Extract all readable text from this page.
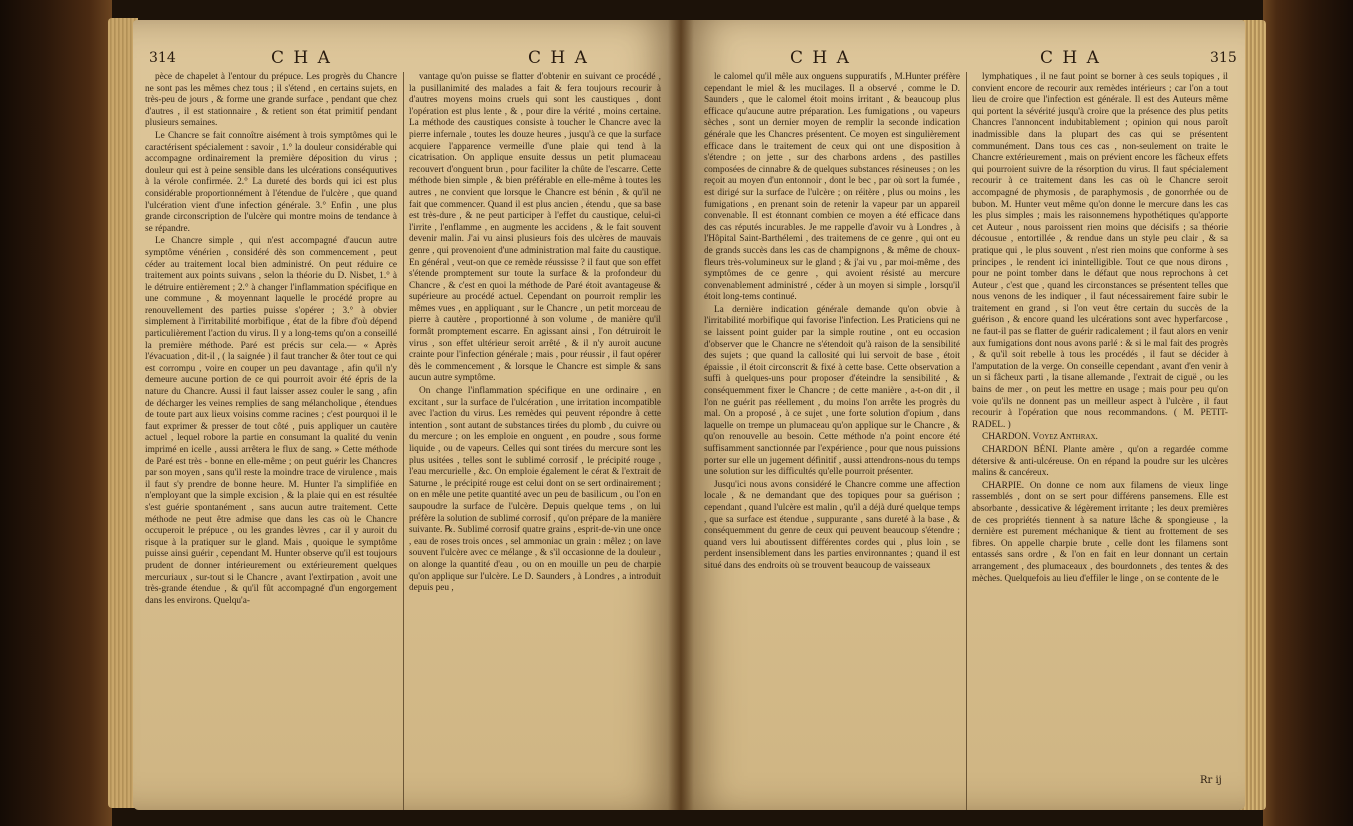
314	C H A	C H A

pèce de chapelet à l'entour du prépuce. Les progrès du Chancre ne sont pas les mêmes chez tous ; il s'étend , en certains sujets, en très-peu de jours , & forme une grande surface , pendant que chez d'autres , il est stationnaire , & retient son état primitif pendant plusieurs semaines.

Le Chancre se fait connoître aisément à trois symptômes qui le caractérisent spécialement : savoir , 1.° la douleur considérable qui accompagne ordinairement la première déposition du virus ; douleur qui est à peine sensible dans les ulcérations conséquutives à la vérole confirmée. 2.° La dureté des bords qui ici est plus considérable proportionnément à l'étendue de l'ulcère , que quand l'ulcération vient d'une infection générale. 3.° Enfin , une plus grande circonscription de l'ulcère qui montre moins de tendance à se répandre.

Le Chancre simple , qui n'est accompagné d'aucun autre symptôme vénérien , considéré dès son commencement , peut céder au traitement local bien administré. On peut réduire ce traitement aux points suivans , selon la théorie du D. Nisbet, 1.° à le détruire entièrement ; 2.° à changer l'inflammation spécifique en une commune , & moyennant laquelle le procédé propre au renouvellement des parties puisse s'opérer ; 3.° à obvier simplement à l'irritabilité morbifique , état de la fibre d'où dépend particulièrement l'action du virus. Il y a long-tems qu'on a conseillé la première méthode. Paré est précis sur cela.— « Après l'évacuation , dit-il , ( la saignée ) il faut trancher & ôter tout ce qui est corrompu , voire en couper un peu davantage , afin qu'il n'y demeure aucune portion de ce qui pourroit avoir été épris de la nature du Chancre. Aussi il faut laisser assez couler le sang , afin de décharger les veines remplies de sang mélancholique , étendues de toute part aux lieux voisins comme racines ; c'est pourquoi il le faut exprimer & presser de tout côté , puis appliquer un cautère actuel , lequel robore la partie en consumant la qualité du venin imprimé en icelle , aussi arrêtera le flux de sang. » Cette méthode de Paré est très - bonne en elle-même ; on peut guérir les Chancres par son moyen , sans qu'il reste la moindre trace de virulence , mais il faut s'y prendre de bonne heure. M. Hunter l'a simplifiée en n'employant que la simple excision , & la plaie qui en est résultée s'est guérie spontanément , sans aucun autre traitement. Cette méthode ne peut être admise que dans les cas où le Chancre occuperoit le prépuce , ou les grandes lèvres , car il y auroit du risque à la pratiquer sur le gland. Mais , quoique le symptôme puisse ainsi guérir , cependant M. Hunter observe qu'il est toujours prudent de donner intérieurement ou extérieurement quelques mercuriaux , sur-tout si le Chancre , avant l'extirpation , avoit une très-grande étendue , & qu'il fût accompagné d'un engorgement dans les environs. Quelqu'a-

vantage qu'on puisse se flatter d'obtenir en suivant ce procédé , la pusillanimité des malades a fait & fera toujours recourir à d'autres moyens moins cruels qui sont les caustiques , dont l'opération est plus lente , & , pour dire la vérité , moins certaine. La méthode des caustiques consiste à toucher le Chancre avec la pierre infernale , toutes les douze heures , jusqu'à ce que la surface acquiere l'apparence vermeille d'une plaie qui tend à la cicatrisation. On applique ensuite dessus un petit plumaceau recouvert d'onguent brun , pour faciliter la chûte de l'escarre. Cette méthode bien simple , & bien préférable en elle-même à toutes les autres , ne convient que lorsque le Chancre est bénin , & qu'il ne fait que commencer. Quand il est plus ancien , étendu , que sa base est très-dure , & ne peut participer à l'effet du caustique, celui-ci l'irrite , l'enflamme , en augmente les accidens , & le fait souvent devenir malin. J'ai vu ainsi plusieurs fois des ulcères de mauvais genre , qui provenoient d'une administration mal faite du caustique. En général , veut-on que ce remède réussisse ? il faut que son effet s'étende promptement sur toute la surface & la profondeur du Chancre , & c'est en quoi la méthode de Paré étoit avantageuse & supérieure au procédé actuel. Cependant on pourroit remplir les mêmes vues , en appliquant , sur le Chancre , un petit morceau de pierre à cautère , proportionné à son volume , de manière qu'il formât promptement escarre. En agissant ainsi , l'on détruiroit le virus , son effet ultérieur seroit arrêté , & il n'y auroit aucune crainte pour l'infection générale ; mais , pour réussir , il faut opérer dès le commencement , & lorsque le Chancre est simple & sans aucun autre symptôme.

On change l'inflammation spécifique en une ordinaire , en excitant , sur la surface de l'ulcération , une irritation incompatible avec l'action du virus. Les remèdes qui peuvent répondre à cette intention , sont autant de substances tirées du plomb , du cuivre ou du mercure ; on les emploie en onguent , en poudre , sous forme liquide , ou de vapeurs. Celles qui sont tirées du mercure sont les plus usitées , telles sont le sublimé corrosif , le précipité rouge , l'eau mercurielle , &c. On emploie également le cérat & l'extrait de Saturne , le précipité rouge est celui dont on se sert ordinairement ; on en mêle une petite quantité avec un peu de basilicum , ou l'on en saupoudre la surface de l'ulcère. Depuis quelque tems , on lui préfère la solution de sublimé corrosif , qu'on prépare de la manière suivante. ℞. Sublimé corrosif quatre grains , esprit-de-vin une once , eau de roses trois onces , sel ammoniac un grain : mêlez ; on lave souvent l'ulcère avec ce mélange , & s'il occasionne de la douleur , on alonge la quantité d'eau , ou on en mouille un peu de charpie qu'on applique sur l'ulcère. Le D. Saunders , à Londres , a introduit depuis peu ,

C H A	C H A	315

le calomel qu'il mêle aux onguens suppuratifs , M.Hunter préfère cependant le miel & les mucilages. Il a observé , comme le D. Saunders , que le calomel étoit moins irritant , & beaucoup plus efficace qu'aucune autre préparation. Les fumigations , ou vapeurs sèches , sont un dernier moyen de remplir la seconde indication générale que les Chancres présentent. Ce moyen est singulièrement efficace dans le traitement de ceux qui ont une disposition à s'étendre ; on jette , sur des charbons ardens , des pastilles composées de cinnabre & de quelques substances résineuses ; on les reçoit au moyen d'un entonnoir , dont le bec , par où sort la fumée , est dirigé sur la surface de l'ulcère ; on réitère , plus ou moins , les fumigations , en prenant soin de retenir la vapeur par un appareil convenable. Il est étonnant combien ce moyen a été efficace dans des cas réputés incurables. Je me rappelle d'avoir vu à Londres , à l'Hôpital Saint-Barthélemi , des traitemens de ce genre , qui ont eu de grands succès dans les cas de champignons , & même de choux-fleurs très-volumineux sur le gland ; & j'ai vu , par moi-même , des symptômes de ce genre , qui avoient résisté au mercure convenablement administré , céder à un moyen si simple , lorsqu'il étoit long-tems continué.

La dernière indication générale demande qu'on obvie à l'irritabilité morbifique qui favorise l'infection. Les Praticiens qui ne se laissent point guider par la simple routine , ont eu occasion d'observer que le Chancre ne s'étendoit qu'à raison de la sensibilité des sujets ; que quand la callosité qui lui servoit de base , étoit épaissie , il étoit circonscrit & fixé à cette base. Cette observation a suffi à quelques-uns pour proposer d'éteindre la sensibilité , & conséquemment fixer le Chancre ; de cette manière , a-t-on dit , il l'on ne guérit pas réellement , du moins l'on arrête les progrès du mal. On a proposé , à ce sujet , une forte solution d'opium , dans laquelle on trempe un plumaceau qu'on applique sur le Chancre , & qu'on renouvelle au besoin. Cette méthode n'a point encore été suffisamment sanctionnée par l'expérience , pour que nous puissions porter sur elle un jugement définitif , aussi attendrons-nous du temps une solution sur les difficultés qu'elle pourroit présenter.

Jusqu'ici nous avons considéré le Chancre comme une affection locale , & ne demandant que des topiques pour sa guérison ; cependant , quand l'ulcère est malin , qu'il a déjà duré quelque temps , que sa surface est étendue , suppurante , sans dureté à la base , & conséquemment du genre de ceux qui peuvent beaucoup s'étendre ; quand vers lui aboutissent différentes cordes qui , plus loin , se perdent insensiblement dans les parties environnantes ; quand il est situé dans des endroits où se trouvent beaucoup de vaisseaux

lymphatiques , il ne faut point se borner à ces seuls topiques , il convient encore de recourir aux remèdes intérieurs ; car l'on a tout lieu de croire que l'infection est générale. Il est des Auteurs même qui portent la sévérité jusqu'à croire que la présence des plus petits Chancres l'annoncent indubitablement ; opinion qui nous paroît inadmissible dans la plupart des cas qui se présentent communément. Dans tous ces cas , non-seulement on traite le Chancre extérieurement , mais on prévient encore les fâcheux effets qui pourroient suivre de la résorption du virus. Il faut spécialement recourir à ce traitement dans les cas où le Chancre seroit accompagné de phymosis , de paraphymosis , de gonorrhée ou de bubon. M. Hunter veut même qu'on donne le mercure dans les cas les plus simples ; mais les raisonnemens hypothétiques qu'apporte cet Auteur , nous paroissent rien moins que décisifs ; sa théorie décousue , entortillée , & rendue dans un style peu clair , & sa pratique qui , le plus souvent , n'est rien moins que conforme à ses principes , le rendent ici inintelligible. Tout ce que nous dirons , pour ne point tomber dans le défaut que nous reprochons à cet Auteur , c'est que , quand les circonstances se présentent telles que nous venons de les indiquer , il faut nécessairement faire subir le traitement en grand , si l'on veut être certain du succès de la guérison , & encore quand les ulcérations sont avec hyperfarcose , ne faut-il pas se flatter de guérir radicalement ; il faut alors en venir aux fumigations dont nous avons parlé : & si le mal fait des progrès , & qu'il soit rebelle à tous les procédés , il faut se décider à l'amputation de la verge. On conseille cependant , avant d'en venir à un si fâcheux parti , la tisane allemande , l'extrait de ciguë , ou les bains de mer , on peut les mettre en usage ; mais pour peu qu'on voie qu'ils ne donnent pas un meilleur aspect à l'ulcère , il faut recourir à l'opération que nous recommandons. ( M. PETIT-RADEL. )

CHARDON. Voyez Anthrax.

CHARDON BÉNI. Plante amère , qu'on a regardée comme détersive & anti-ulcéreuse. On en répand la poudre sur les ulcères malins & cancéreux.

CHARPIE. On donne ce nom aux filamens de vieux linge rassemblés , dont on se sert pour différens pansemens. Elle est absorbante , dessicative & légèrement irritante ; les deux premières de ces propriétés tiennent à sa nature lâche & spongieuse , la dernière est purement méchanique & tient au frottement de ses fibres. On appelle charpie brute , celle dont les filamens sont entassés sans ordre , & l'on en fait en leur donnant un certain arrangement , des plumaceaux , des bourdonnets , des tentes & des mèches. Quelquefois au lieu d'effiler le linge , on se contente de le

Rr ij
